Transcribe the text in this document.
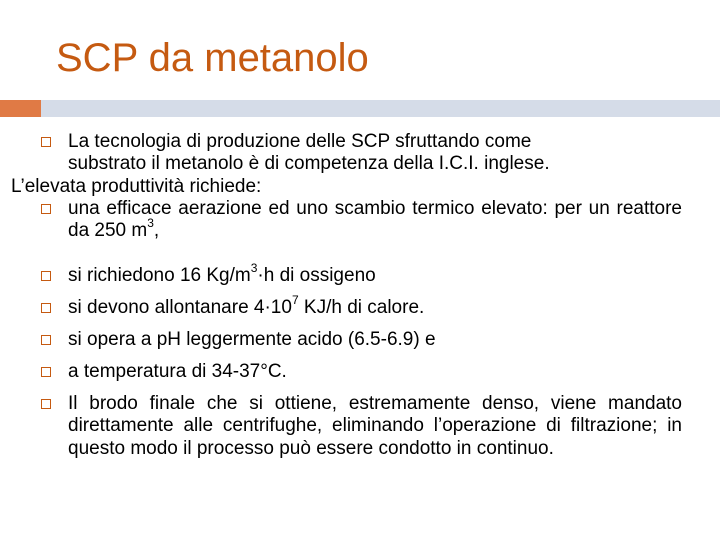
SCP da metanolo
La tecnologia di produzione delle SCP sfruttando come
substrato il metanolo è di competenza della I.C.I. inglese.
L’elevata produttività richiede:
una efficace aerazione ed uno scambio termico elevato: per un reattore da 250 $m^3$,
si richiedono 16 $Kg/m^3\cdot h$ di ossigeno
si devono allontanare $4\cdot 10^7$ KJ/h di calore.
si opera a pH leggermente acido (6.5-6.9) e
a temperatura di 34-37°C.
Il brodo finale che si ottiene, estremamente denso, viene mandato direttamente alle centrifughe, eliminando l’operazione di filtrazione; in questo modo il processo può essere condotto in continuo.
